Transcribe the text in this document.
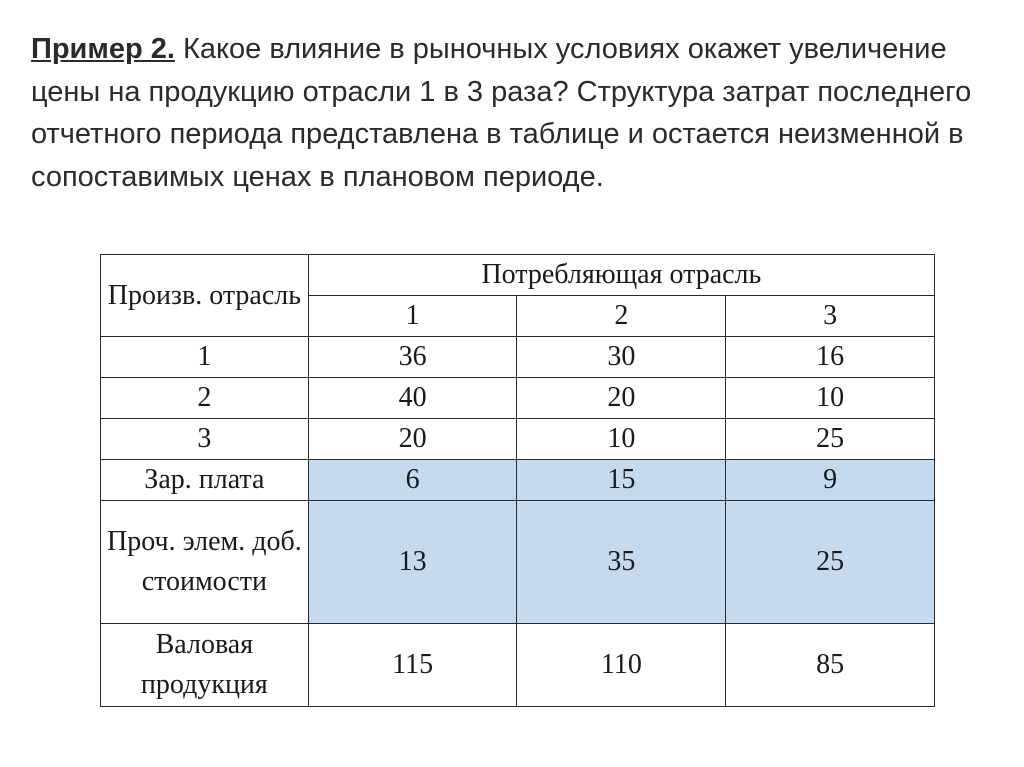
Пример 2. Какое влияние в рыночных условиях окажет увеличение цены на продукцию отрасли 1 в 3 раза? Структура затрат последнего отчетного периода представлена в таблице и остается неизменной в сопоставимых ценах в плановом периоде.

Произв. отрасль	Потребляющая отрасль		
	1	2	3
1	36	30	16
2	40	20	10
3	20	10	25
Зар. плата	6	15	9
Проч. элем. доб. стоимости	13	35	25
Валовая продукция	115	110	85
